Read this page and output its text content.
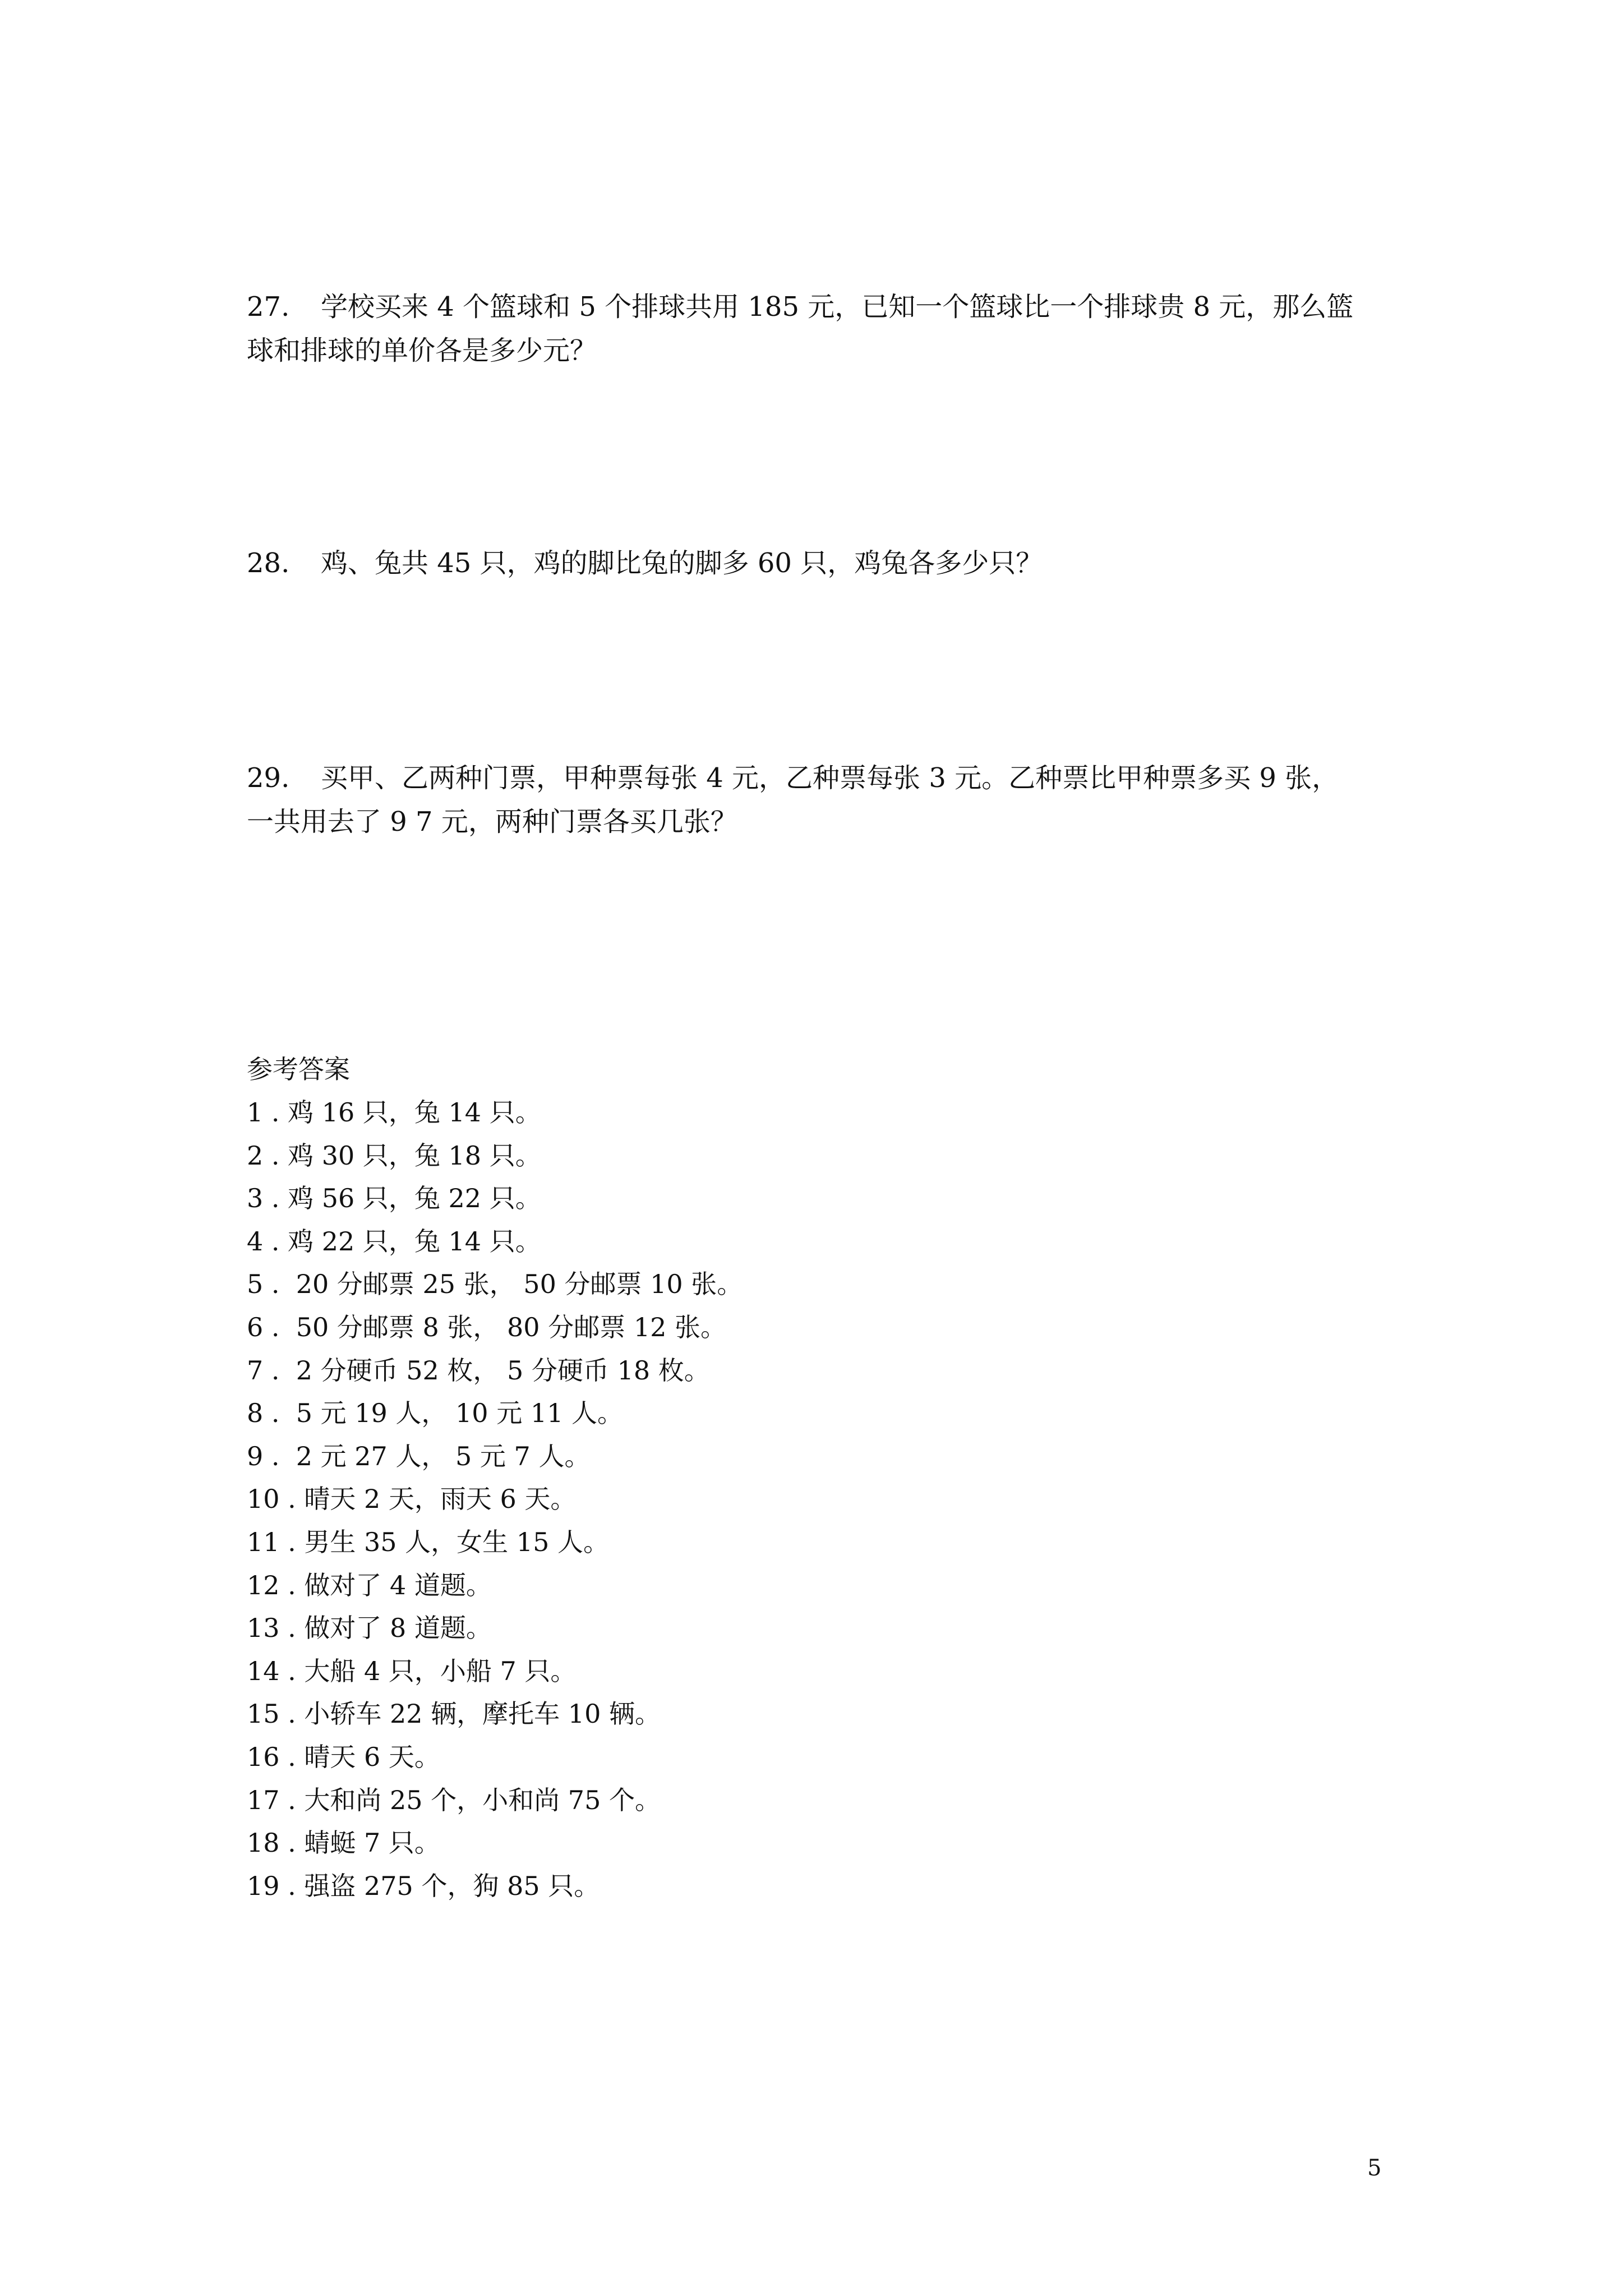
27. 学校买来 4 个篮球和 5 个排球共用 185 元，已知一个篮球比一个排球贵 8 元，那么篮
球和排球的单价各是多少元？
28. 鸡、兔共 45 只，鸡的脚比兔的脚多 60 只，鸡兔各多少只？
29. 买甲、乙两种门票，甲种票每张 4 元，乙种票每张 3 元。乙种票比甲种票多买 9 张，
一共用去了 9 7 元，两种门票各买几张？
参考答案
1 . 鸡 16 只，兔 14 只。
2 . 鸡 30 只，兔 18 只。
3 . 鸡 56 只，兔 22 只。
4 . 鸡 22 只，兔 14 只。
5 .  20 分邮票 25 张， 50 分邮票 10 张。
6 .  50 分邮票 8 张， 80 分邮票 12 张。
7 .  2 分硬币 52 枚， 5 分硬币 18 枚。
8 .  5 元 19 人， 10 元 11 人。
9 .  2 元 27 人， 5 元 7 人。
10 . 晴天 2 天，雨天 6 天。
11 . 男生 35 人，女生 15 人。
12 . 做对了 4 道题。
13 . 做对了 8 道题。
14 . 大船 4 只，小船 7 只。
15 . 小轿车 22 辆，摩托车 10 辆。
16 . 晴天 6 天。
17 . 大和尚 25 个，小和尚 75 个。
18 . 蜻蜓 7 只。
19 . 强盗 275 个，狗 85 只。
5
